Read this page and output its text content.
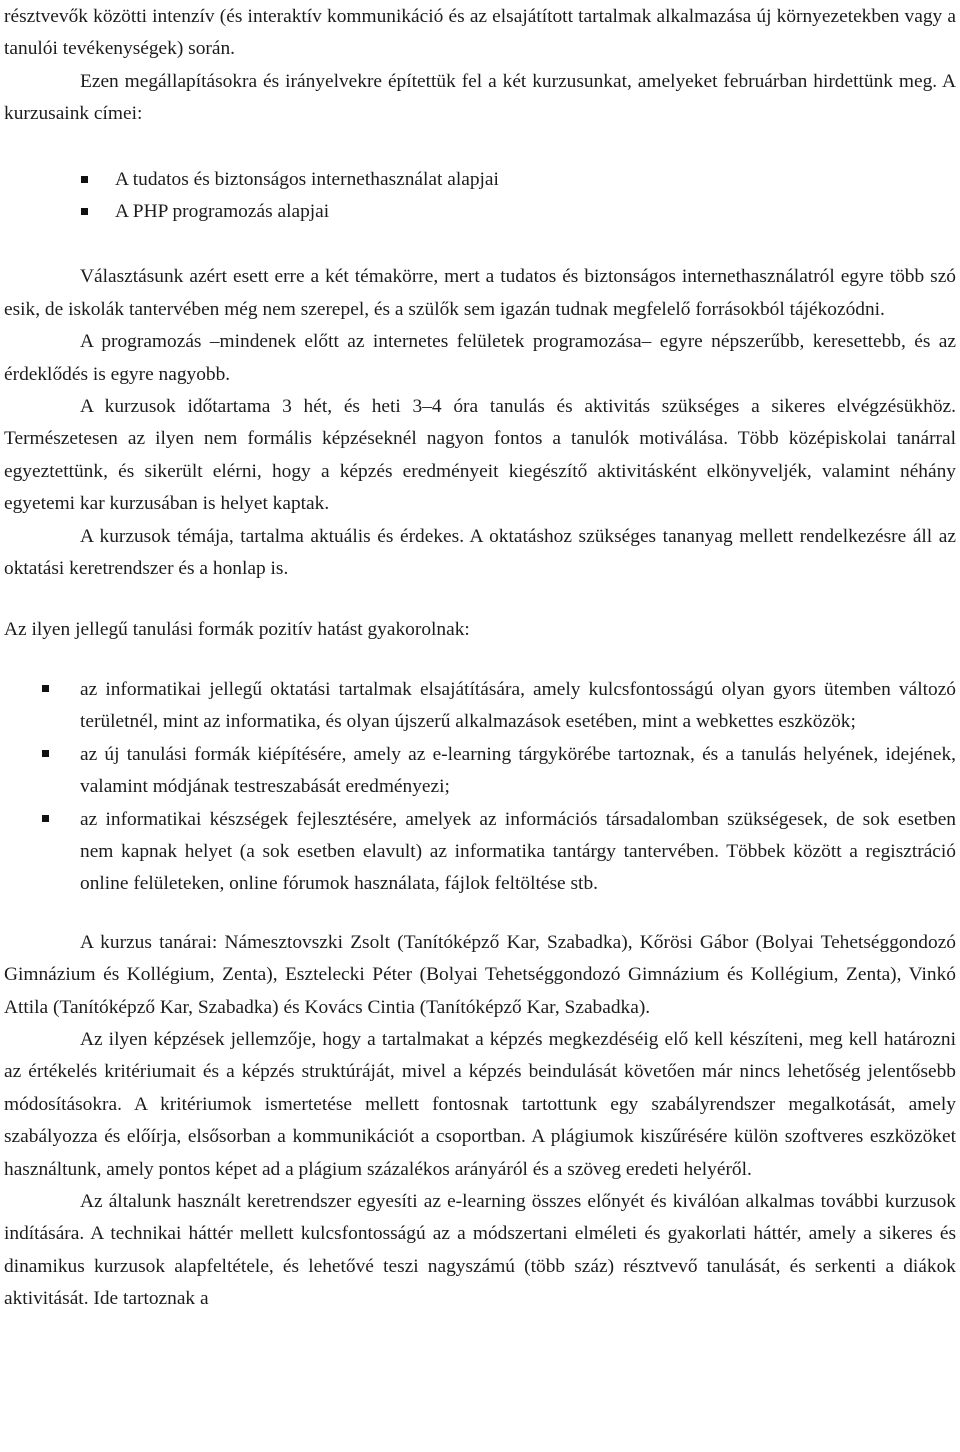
résztvevők közötti intenzív (és interaktív kommunikáció és az elsajátított tartalmak alkalmazása új környezetekben vagy a tanulói tevékenységek) során.

Ezen megállapításokra és irányelvekre építettük fel a két kurzusunkat, amelyeket februárban hirdettünk meg. A kurzusaink címei:

A tudatos és biztonságos internethasználat alapjai
A PHP programozás alapjai

Választásunk azért esett erre a két témakörre, mert a tudatos és biztonságos internethasználatról egyre több szó esik, de iskolák tantervében még nem szerepel, és a szülők sem igazán tudnak megfelelő forrásokból tájékozódni.

A programozás –mindenek előtt az internetes felületek programozása– egyre népszerűbb, keresettebb, és az érdeklődés is egyre nagyobb.

A kurzusok időtartama 3 hét, és heti 3–4 óra tanulás és aktivitás szükséges a sikeres elvégzésükhöz. Természetesen az ilyen nem formális képzéseknél nagyon fontos a tanulók motiválása. Több középiskolai tanárral egyeztettünk, és sikerült elérni, hogy a képzés eredményeit kiegészítő aktivitásként elkönyveljék, valamint néhány egyetemi kar kurzusában is helyet kaptak.

A kurzusok témája, tartalma aktuális és érdekes. A oktatáshoz szükséges tananyag mellett rendelkezésre áll az oktatási keretrendszer és a honlap is.

Az ilyen jellegű tanulási formák pozitív hatást gyakorolnak:

az informatikai jellegű oktatási tartalmak elsajátítására, amely kulcsfontosságú olyan gyors ütemben változó területnél, mint az informatika, és olyan újszerű alkalmazások esetében, mint a webkettes eszközök;
az új tanulási formák kiépítésére, amely az e-learning tárgykörébe tartoznak, és a tanulás helyének, idejének, valamint módjának testreszabását eredményezi;
az informatikai készségek fejlesztésére, amelyek az információs társadalomban szükségesek, de sok esetben nem kapnak helyet (a sok esetben elavult) az informatika tantárgy tantervében. Többek között a regisztráció online felületeken, online fórumok használata, fájlok feltöltése stb.

A kurzus tanárai: Námesztovszki Zsolt (Tanítóképző Kar, Szabadka), Kőrösi Gábor (Bolyai Tehetséggondozó Gimnázium és Kollégium, Zenta), Esztelecki Péter (Bolyai Tehetséggondozó Gimnázium és Kollégium, Zenta), Vinkó Attila (Tanítóképző Kar, Szabadka) és Kovács Cintia (Tanítóképző Kar, Szabadka).

Az ilyen képzések jellemzője, hogy a tartalmakat a képzés megkezdéséig elő kell készíteni, meg kell határozni az értékelés kritériumait és a képzés struktúráját, mivel a képzés beindulását követően már nincs lehetőség jelentősebb módosításokra. A kritériumok ismertetése mellett fontosnak tartottunk egy szabályrendszer megalkotását, amely szabályozza és előírja, elsősorban a kommunikációt a csoportban. A plágiumok kiszűrésére külön szoftveres eszközöket használtunk, amely pontos képet ad a plágium százalékos arányáról és a szöveg eredeti helyéről.

Az általunk használt keretrendszer egyesíti az e-learning összes előnyét és kiválóan alkalmas további kurzusok indítására. A technikai háttér mellett kulcsfontosságú az a módszertani elméleti és gyakorlati háttér, amely a sikeres és dinamikus kurzusok alapfeltétele, és lehetővé teszi nagyszámú (több száz) résztvevő tanulását, és serkenti a diákok aktivitását. Ide tartoznak a
